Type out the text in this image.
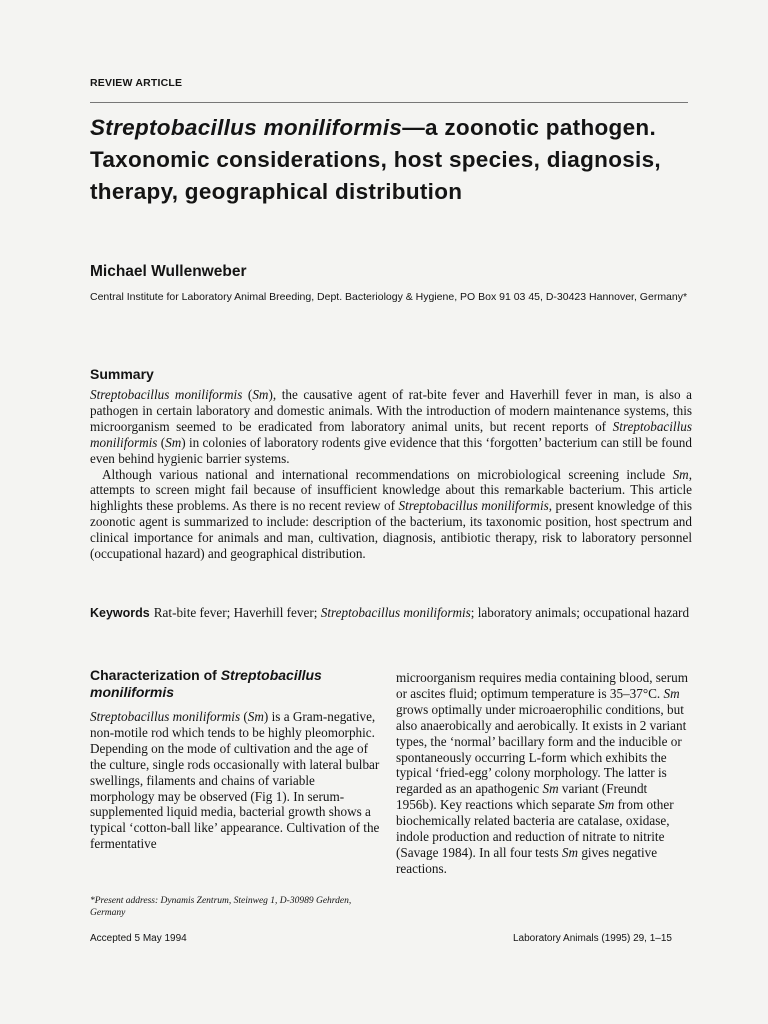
REVIEW ARTICLE
Streptobacillus moniliformis—a zoonotic pathogen. Taxonomic considerations, host species, diagnosis, therapy, geographical distribution
Michael Wullenweber
Central Institute for Laboratory Animal Breeding, Dept. Bacteriology & Hygiene, PO Box 91 03 45, D-30423 Hannover, Germany*
Summary

Streptobacillus moniliformis (Sm), the causative agent of rat-bite fever and Haverhill fever in man, is also a pathogen in certain laboratory and domestic animals. With the introduction of modern maintenance systems, this microorganism seemed to be eradicated from laboratory animal units, but recent reports of Streptobacillus moniliformis (Sm) in colonies of laboratory rodents give evidence that this ‘forgotten’ bacterium can still be found even behind hygienic barrier systems.

Although various national and international recommendations on microbiological screening include Sm, attempts to screen might fail because of insufficient knowledge about this remarkable bacterium. This article highlights these problems. As there is no recent review of Streptobacillus moniliformis, present knowledge of this zoonotic agent is summarized to include: description of the bacterium, its taxonomic position, host spectrum and clinical importance for animals and man, cultivation, diagnosis, antibiotic therapy, risk to laboratory personnel (occupational hazard) and geographical distribution.

Keywords Rat-bite fever; Haverhill fever; Streptobacillus moniliformis; laboratory animals; occupational hazard
Characterization of Streptobacillus moniliformis

Streptobacillus moniliformis (Sm) is a Gram-negative, non-motile rod which tends to be highly pleomorphic. Depending on the mode of cultivation and the age of the culture, single rods occasionally with lateral bulbar swellings, filaments and chains of variable morphology may be observed (Fig 1). In serum-supplemented liquid media, bacterial growth shows a typical ‘cotton-ball like’ appearance. Cultivation of the fermentative

microorganism requires media containing blood, serum or ascites fluid; optimum temperature is 35–37°C. Sm grows optimally under microaerophilic conditions, but also anaerobically and aerobically. It exists in 2 variant types, the ‘normal’ bacillary form and the inducible or spontaneously occurring L-form which exhibits the typical ‘fried-egg’ colony morphology. The latter is regarded as an apathogenic Sm variant (Freundt 1956b). Key reactions which separate Sm from other biochemically related bacteria are catalase, oxidase, indole production and reduction of nitrate to nitrite (Savage 1984). In all four tests Sm gives negative reactions.

*Present address: Dynamis Zentrum, Steinweg 1, D-30989 Gehrden, Germany
Accepted 5 May 1994	Laboratory Animals (1995) 29, 1–15
